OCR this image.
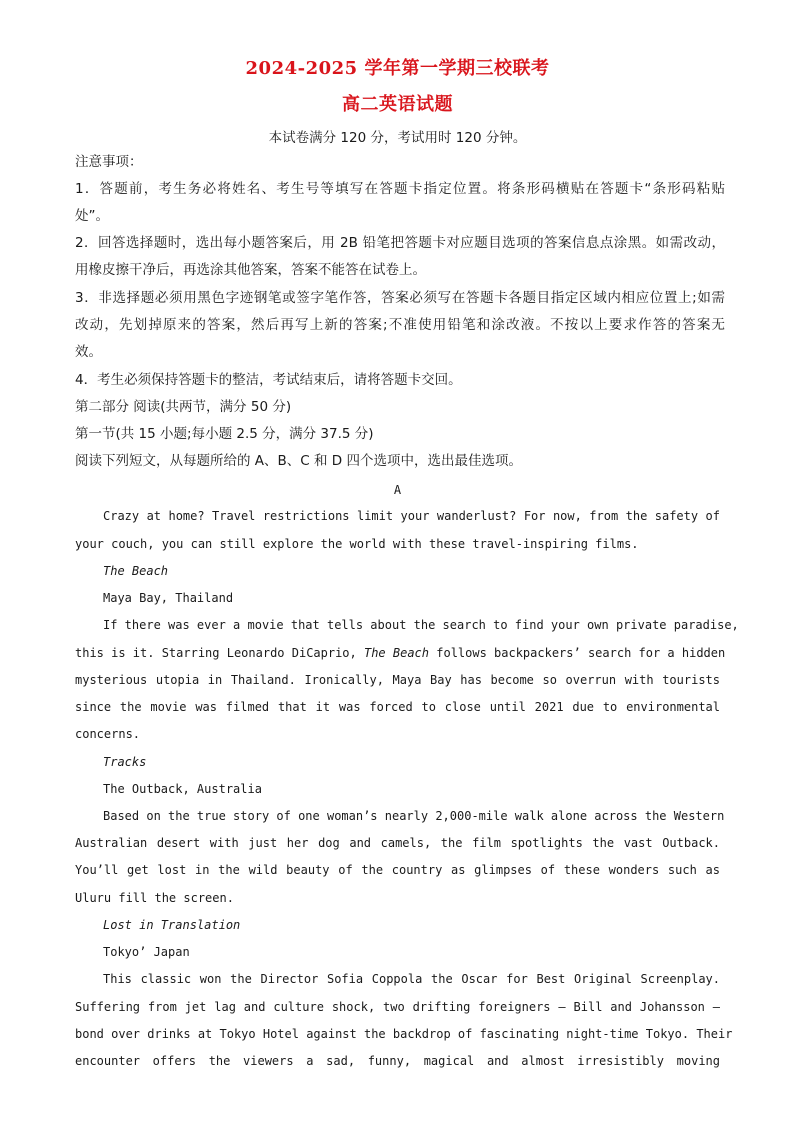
2024-2025 学年第一学期三校联考
高二英语试题
本试卷满分 120 分，考试用时 120 分钟。
注意事项：
1．答题前，考生务必将姓名、考生号等填写在答题卡指定位置。将条形码横贴在答题卡“条形码粘贴
处”。
2．回答选择题时，选出每小题答案后，用 2B 铅笔把答题卡对应题目选项的答案信息点涂黑。如需改动，
用橡皮擦干净后，再选涂其他答案，答案不能答在试卷上。
3．非选择题必须用黑色字迹钢笔或签字笔作答，答案必须写在答题卡各题目指定区域内相应位置上;如需
改动，先划掉原来的答案，然后再写上新的答案;不准使用铅笔和涂改液。不按以上要求作答的答案无
效。
4．考生必须保持答题卡的整洁，考试结束后，请将答题卡交回。
第二部分 阅读(共两节，满分 50 分)
第一节(共 15 小题;每小题 2.5 分，满分 37.5 分)
阅读下列短文，从每题所给的 A、B、C 和 D 四个选项中，选出最佳选项。
A
Crazy at home? Travel restrictions limit your wanderlust? For now, from the safety of
your couch, you can still explore the world with these travel-inspiring films.
The Beach
Maya Bay, Thailand
If there was ever a movie that tells about the search to find your own private paradise,
this is it. Starring Leonardo DiCaprio, The Beach follows backpackers’ search for a hidden
mysterious utopia in Thailand. Ironically, Maya Bay has become so overrun with tourists
since the movie was filmed that it was forced to close until 2021 due to environmental
concerns.
Tracks
The Outback, Australia
Based on the true story of one woman’s nearly 2,000-mile walk alone across the Western
Australian desert with just her dog and camels, the film spotlights the vast Outback.
You’ll get lost in the wild beauty of the country as glimpses of these wonders such as
Uluru fill the screen.
Lost in Translation
Tokyo’ Japan
This classic won the Director Sofia Coppola the Oscar for Best Original Screenplay.
Suffering from jet lag and culture shock, two drifting foreigners — Bill and Johansson —
bond over drinks at Tokyo Hotel against the backdrop of fascinating night-time Tokyo. Their
encounter offers the viewers a sad, funny, magical and almost irresistibly moving
